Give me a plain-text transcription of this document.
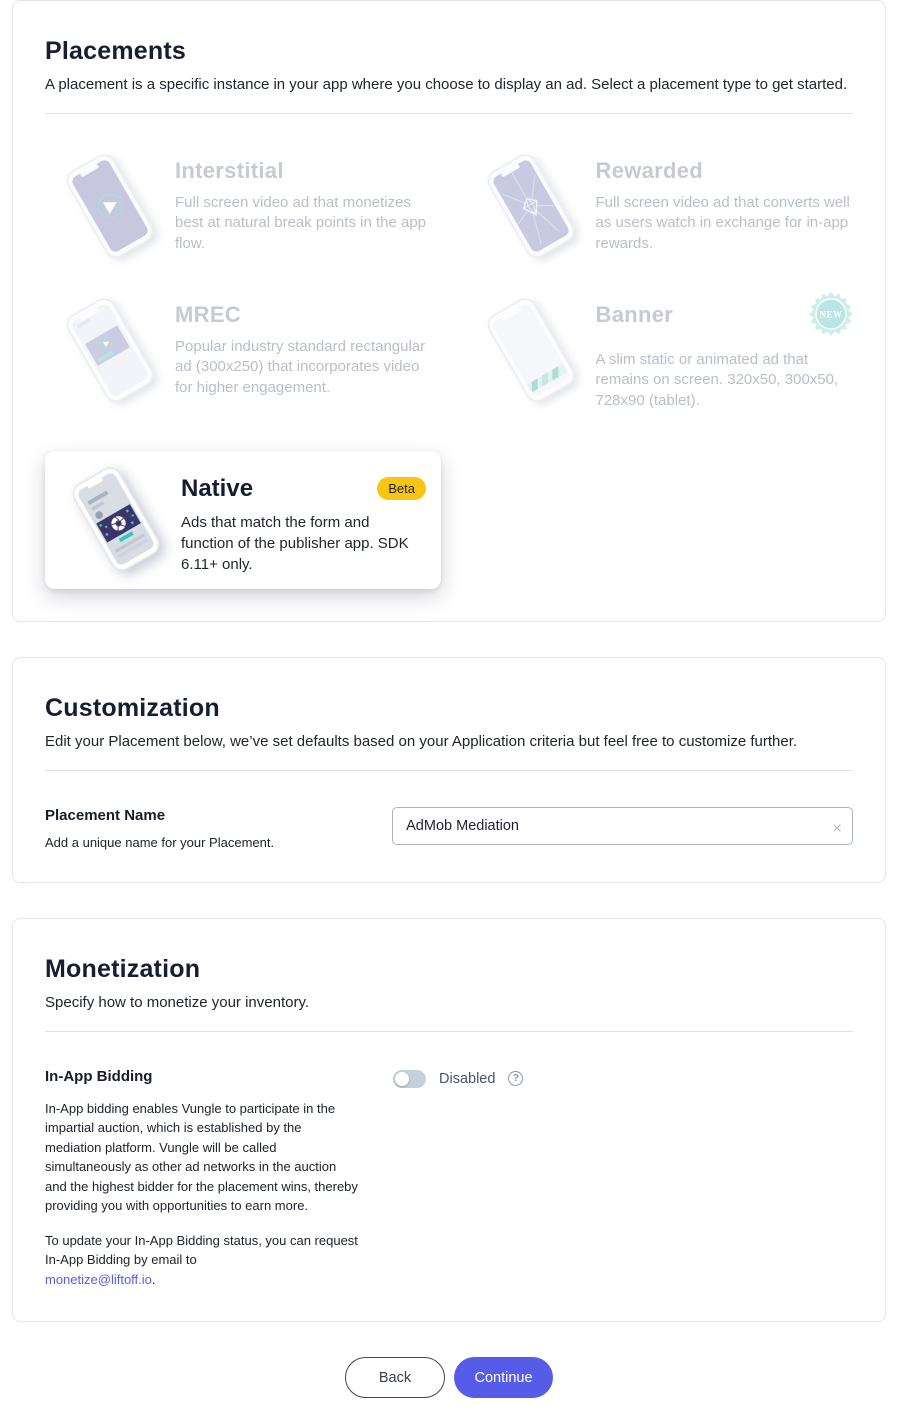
Placements
A placement is a specific instance in your app where you choose to display an ad. Select a placement type to get started.
Interstitial
Full screen video ad that monetizes best at natural break points in the app flow.
Rewarded
Full screen video ad that converts well as users watch in exchange for in-app rewards.
MREC
Popular industry standard rectangular ad (300x250) that incorporates video for higher engagement.
Banner	NEW
A slim static or animated ad that remains on screen. 320x50, 300x50, 728x90 (tablet).
Native
Ads that match the form and function of the publisher app. SDK 6.11+ only.
Beta
Customization
Edit your Placement below, we’ve set defaults based on your Application criteria but feel free to customize further.
Placement Name
Add a unique name for your Placement.
AdMob Mediation
×
Monetization
Specify how to monetize your inventory.
In-App Bidding
In-App bidding enables Vungle to participate in the impartial auction, which is established by the mediation platform. Vungle will be called simultaneously as other ad networks in the auction and the highest bidder for the placement wins, thereby providing you with opportunities to earn more.
To update your In-App Bidding status, you can request In-App Bidding by email to
monetize@liftoff.io.
Disabled	?
Back	Continue
